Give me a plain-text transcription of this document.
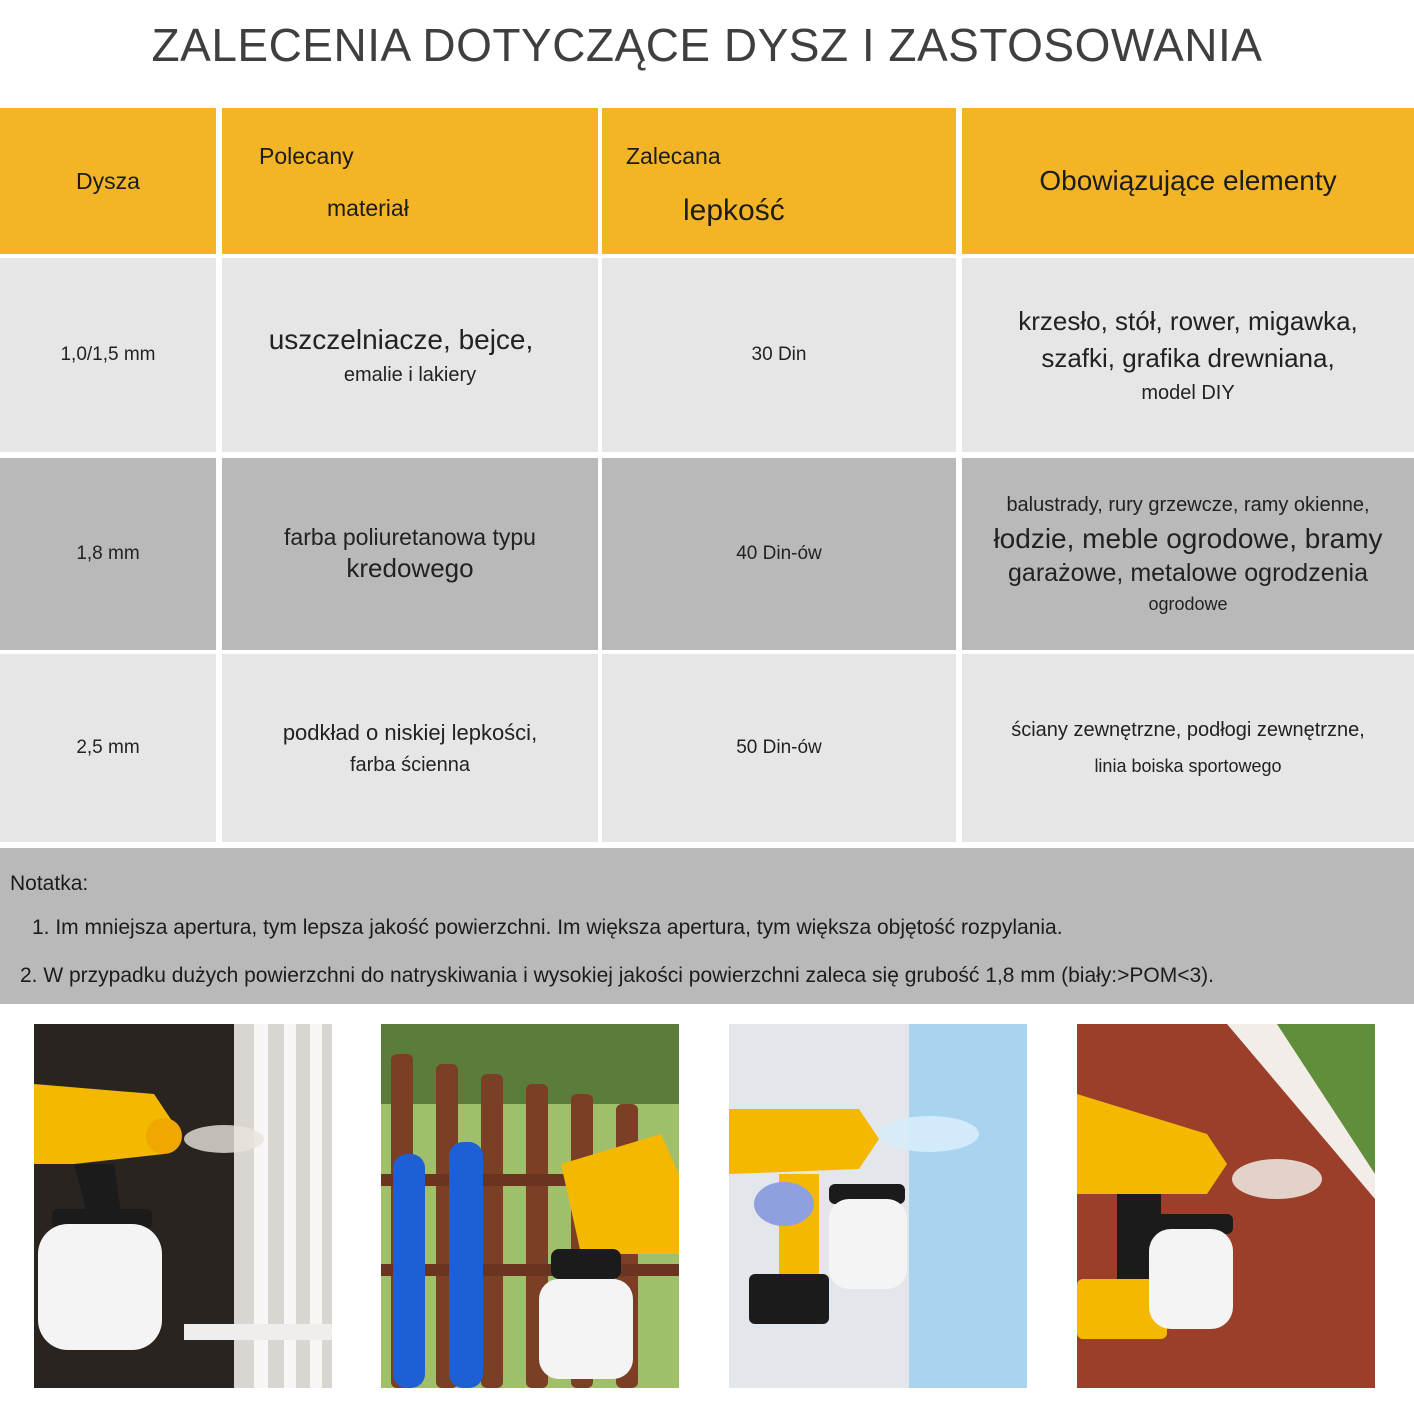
ZALECENIA DOTYCZĄCE DYSZ I ZASTOSOWANIA
Dysza
Polecany
materiał
Zalecana
lepkość
Obowiązujące elementy
1,0/1,5 mm	uszczelniacze, bejce,
emalie i lakiery
30 Din
krzesło, stół, rower, migawka,
szafki, grafika drewniana,
model DIY
1,8 mm
farba poliuretanowa typu
kredowego	40 Din-ów
balustrady, rury grzewcze, ramy okienne,
łodzie, meble ogrodowe, bramy
garażowe, metalowe ogrodzenia
ogrodowe
2,5 mm
podkład o niskiej lepkości,
farba ścienna
50 Din-ów
ściany zewnętrzne, podłogi zewnętrzne,
linia boiska sportowego
Notatka:
1. Im mniejsza apertura, tym lepsza jakość powierzchni. Im większa apertura, tym większa objętość rozpylania.
2. W przypadku dużych powierzchni do natryskiwania i wysokiej jakości powierzchni zaleca się grubość 1,8 mm (biały:>POM<3).
